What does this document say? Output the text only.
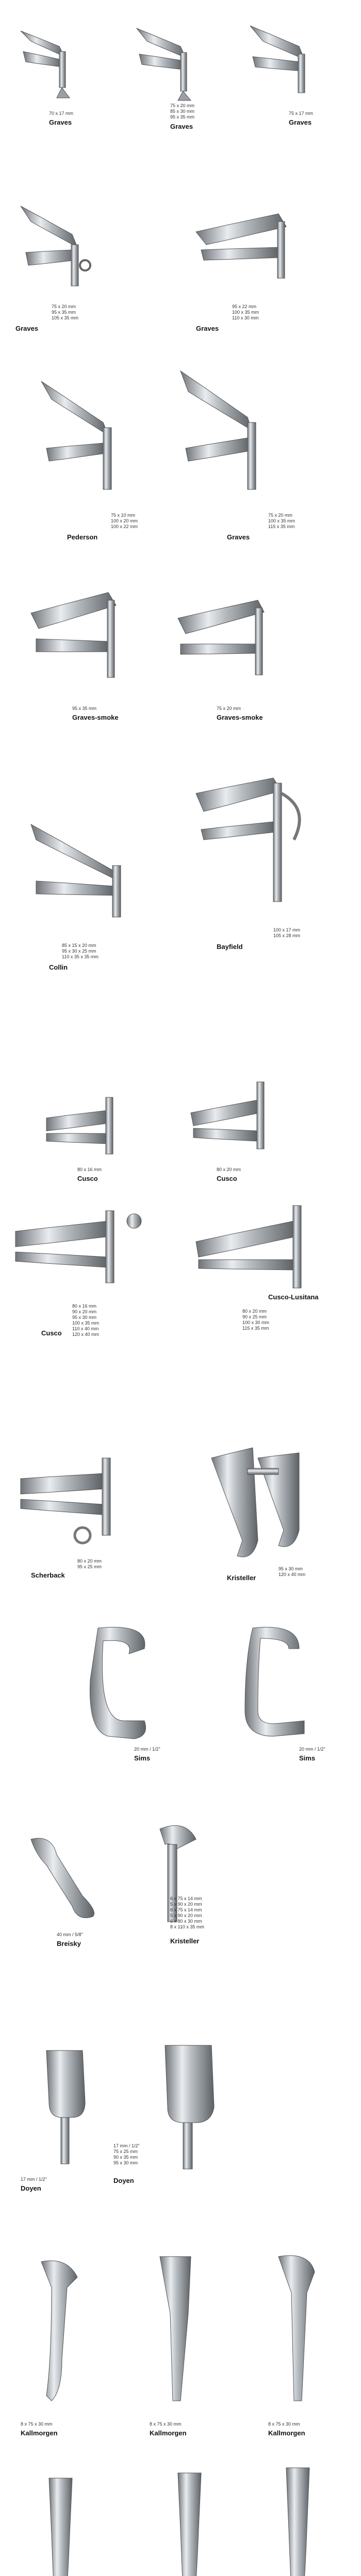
70 x 17 mm
Graves
75 x 20 mm
85 x 30 mm
95 x 35 mm
Graves
75 x 17 mm
Graves
75 x 20 mm
95 x 35 mm
105 x 35 mm
Graves
95 x 22 mm
100 x 35 mm
110 x 30 mm
Graves
75 x 10 mm
100 x 20 mm
100 x 22 mm
Pederson
75 x 20 mm
100 x 35 mm
115 x 35 mm
Graves
95 x 35 mm
Graves-smoke
75 x 20 mm
Graves-smoke
85 x 15 x 20 mm
95 x 30 x 25 mm
110 x 35 x 35 mm
Collin
100 x 17 mm
105 x 28 mm
Bayfield
80 x 16 mm
Cusco
80 x 20 mm
Cusco
80 x 16 mm
90 x 20 mm
95 x 30 mm
100 x 35 mm
110 x 40 mm
120 x 40 mm
Cusco
80 x 20 mm
90 x 25 mm
100 x 30 mm
115 x 35 mm
Cusco-Lusitana
80 x 20 mm
95 x 25 mm
Scherback
95 x 30 mm
120 x 40 mm
Kristeller
20 mm / 1/2"
Sims
20 mm / 1/2"
Sims
40 mm / 5/8"
Breisky
6 x 75 x 14 mm
5 x 90 x 20 mm
6 x 75 x 14 mm
5 x 90 x 20 mm
6 x 80 x 30 mm
8 x 110 x 35 mm
Kristeller
17 mm / 1/2"
Doyen
17 mm / 1/2"
75 x 25 mm
90 x 35 mm
95 x 30 mm
Doyen
8 x 75 x 30 mm
Kallmorgen
8 x 75 x 30 mm
Kallmorgen
8 x 75 x 30 mm
Kallmorgen
